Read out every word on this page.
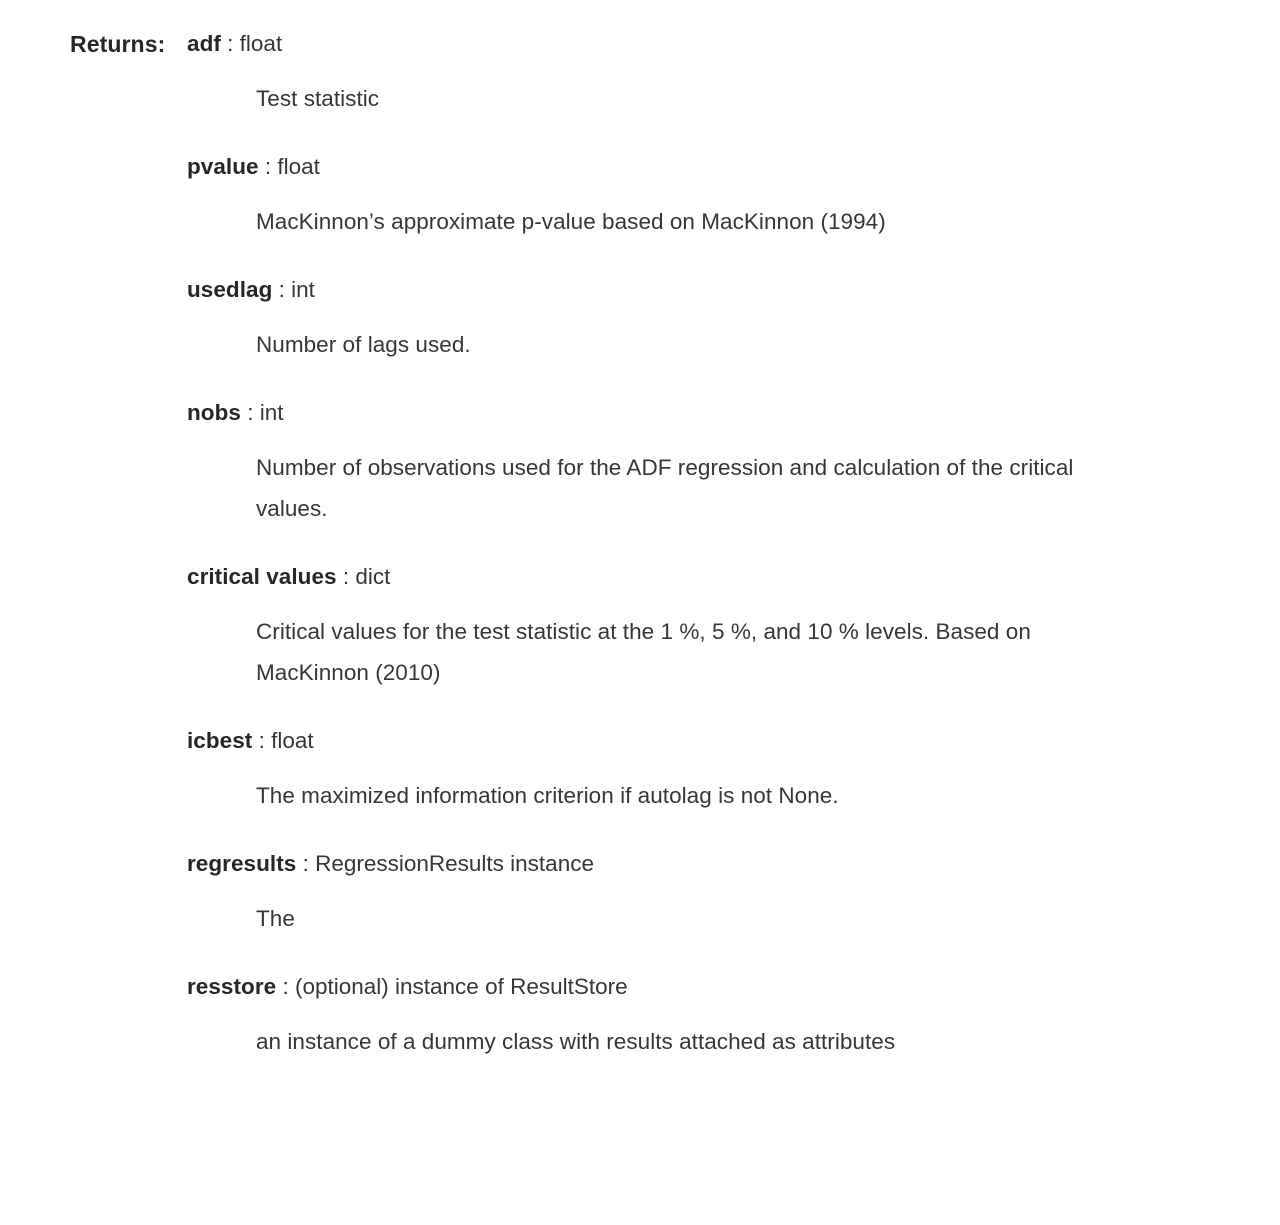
Returns: adf : float
Test statistic
pvalue : float
MacKinnon’s approximate p-value based on MacKinnon (1994)
usedlag : int
Number of lags used.
nobs : int
Number of observations used for the ADF regression and calculation of the critical values.
critical values : dict
Critical values for the test statistic at the 1 %, 5 %, and 10 % levels. Based on MacKinnon (2010)
icbest : float
The maximized information criterion if autolag is not None.
regresults : RegressionResults instance
The
resstore : (optional) instance of ResultStore
an instance of a dummy class with results attached as attributes
